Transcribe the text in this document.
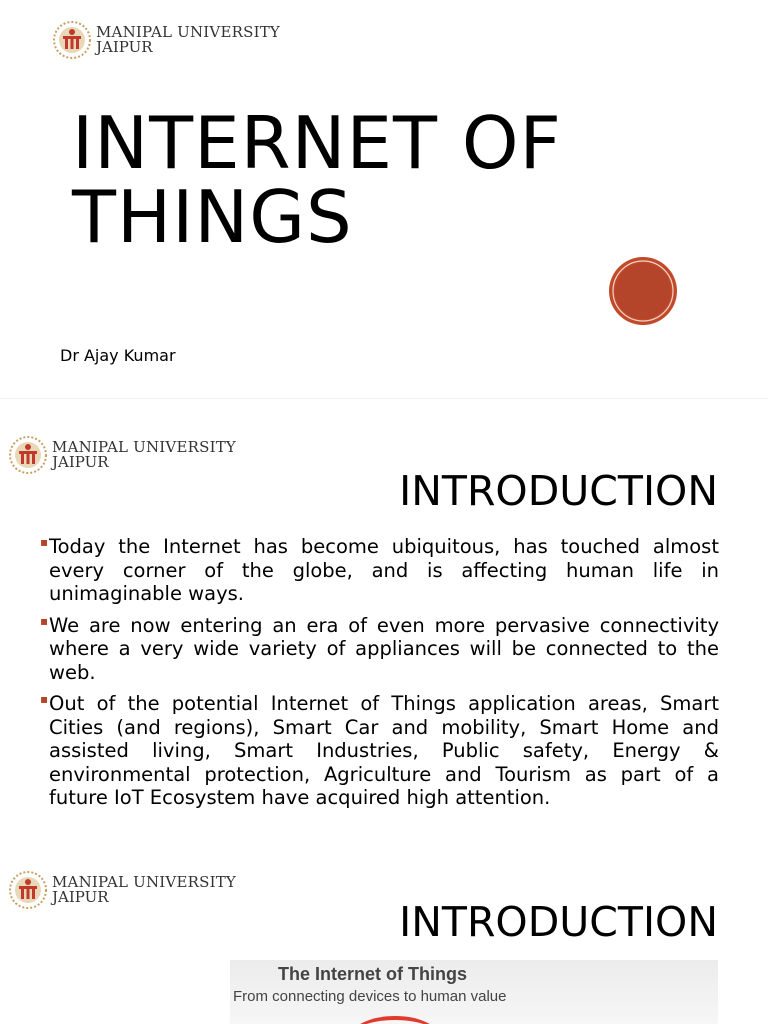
MANIPAL UNIVERSITY
JAIPUR
INTERNET OF
THINGS
Dr Ajay Kumar
MANIPAL UNIVERSITY
JAIPUR
INTRODUCTION
▪ Today the Internet has become ubiquitous, has touched almost every corner of the globe, and is affecting human life in unimaginable ways.
▪ We are now entering an era of even more pervasive connectivity where a very wide variety of appliances will be connected to the web.
▪ Out of the potential Internet of Things application areas, Smart Cities (and regions), Smart Car and mobility, Smart Home and assisted living, Smart Industries, Public safety, Energy & environmental protection, Agriculture and Tourism as part of a future IoT Ecosystem have acquired high attention.
MANIPAL UNIVERSITY
JAIPUR
INTRODUCTION
The Internet of Things
From connecting devices to human value
